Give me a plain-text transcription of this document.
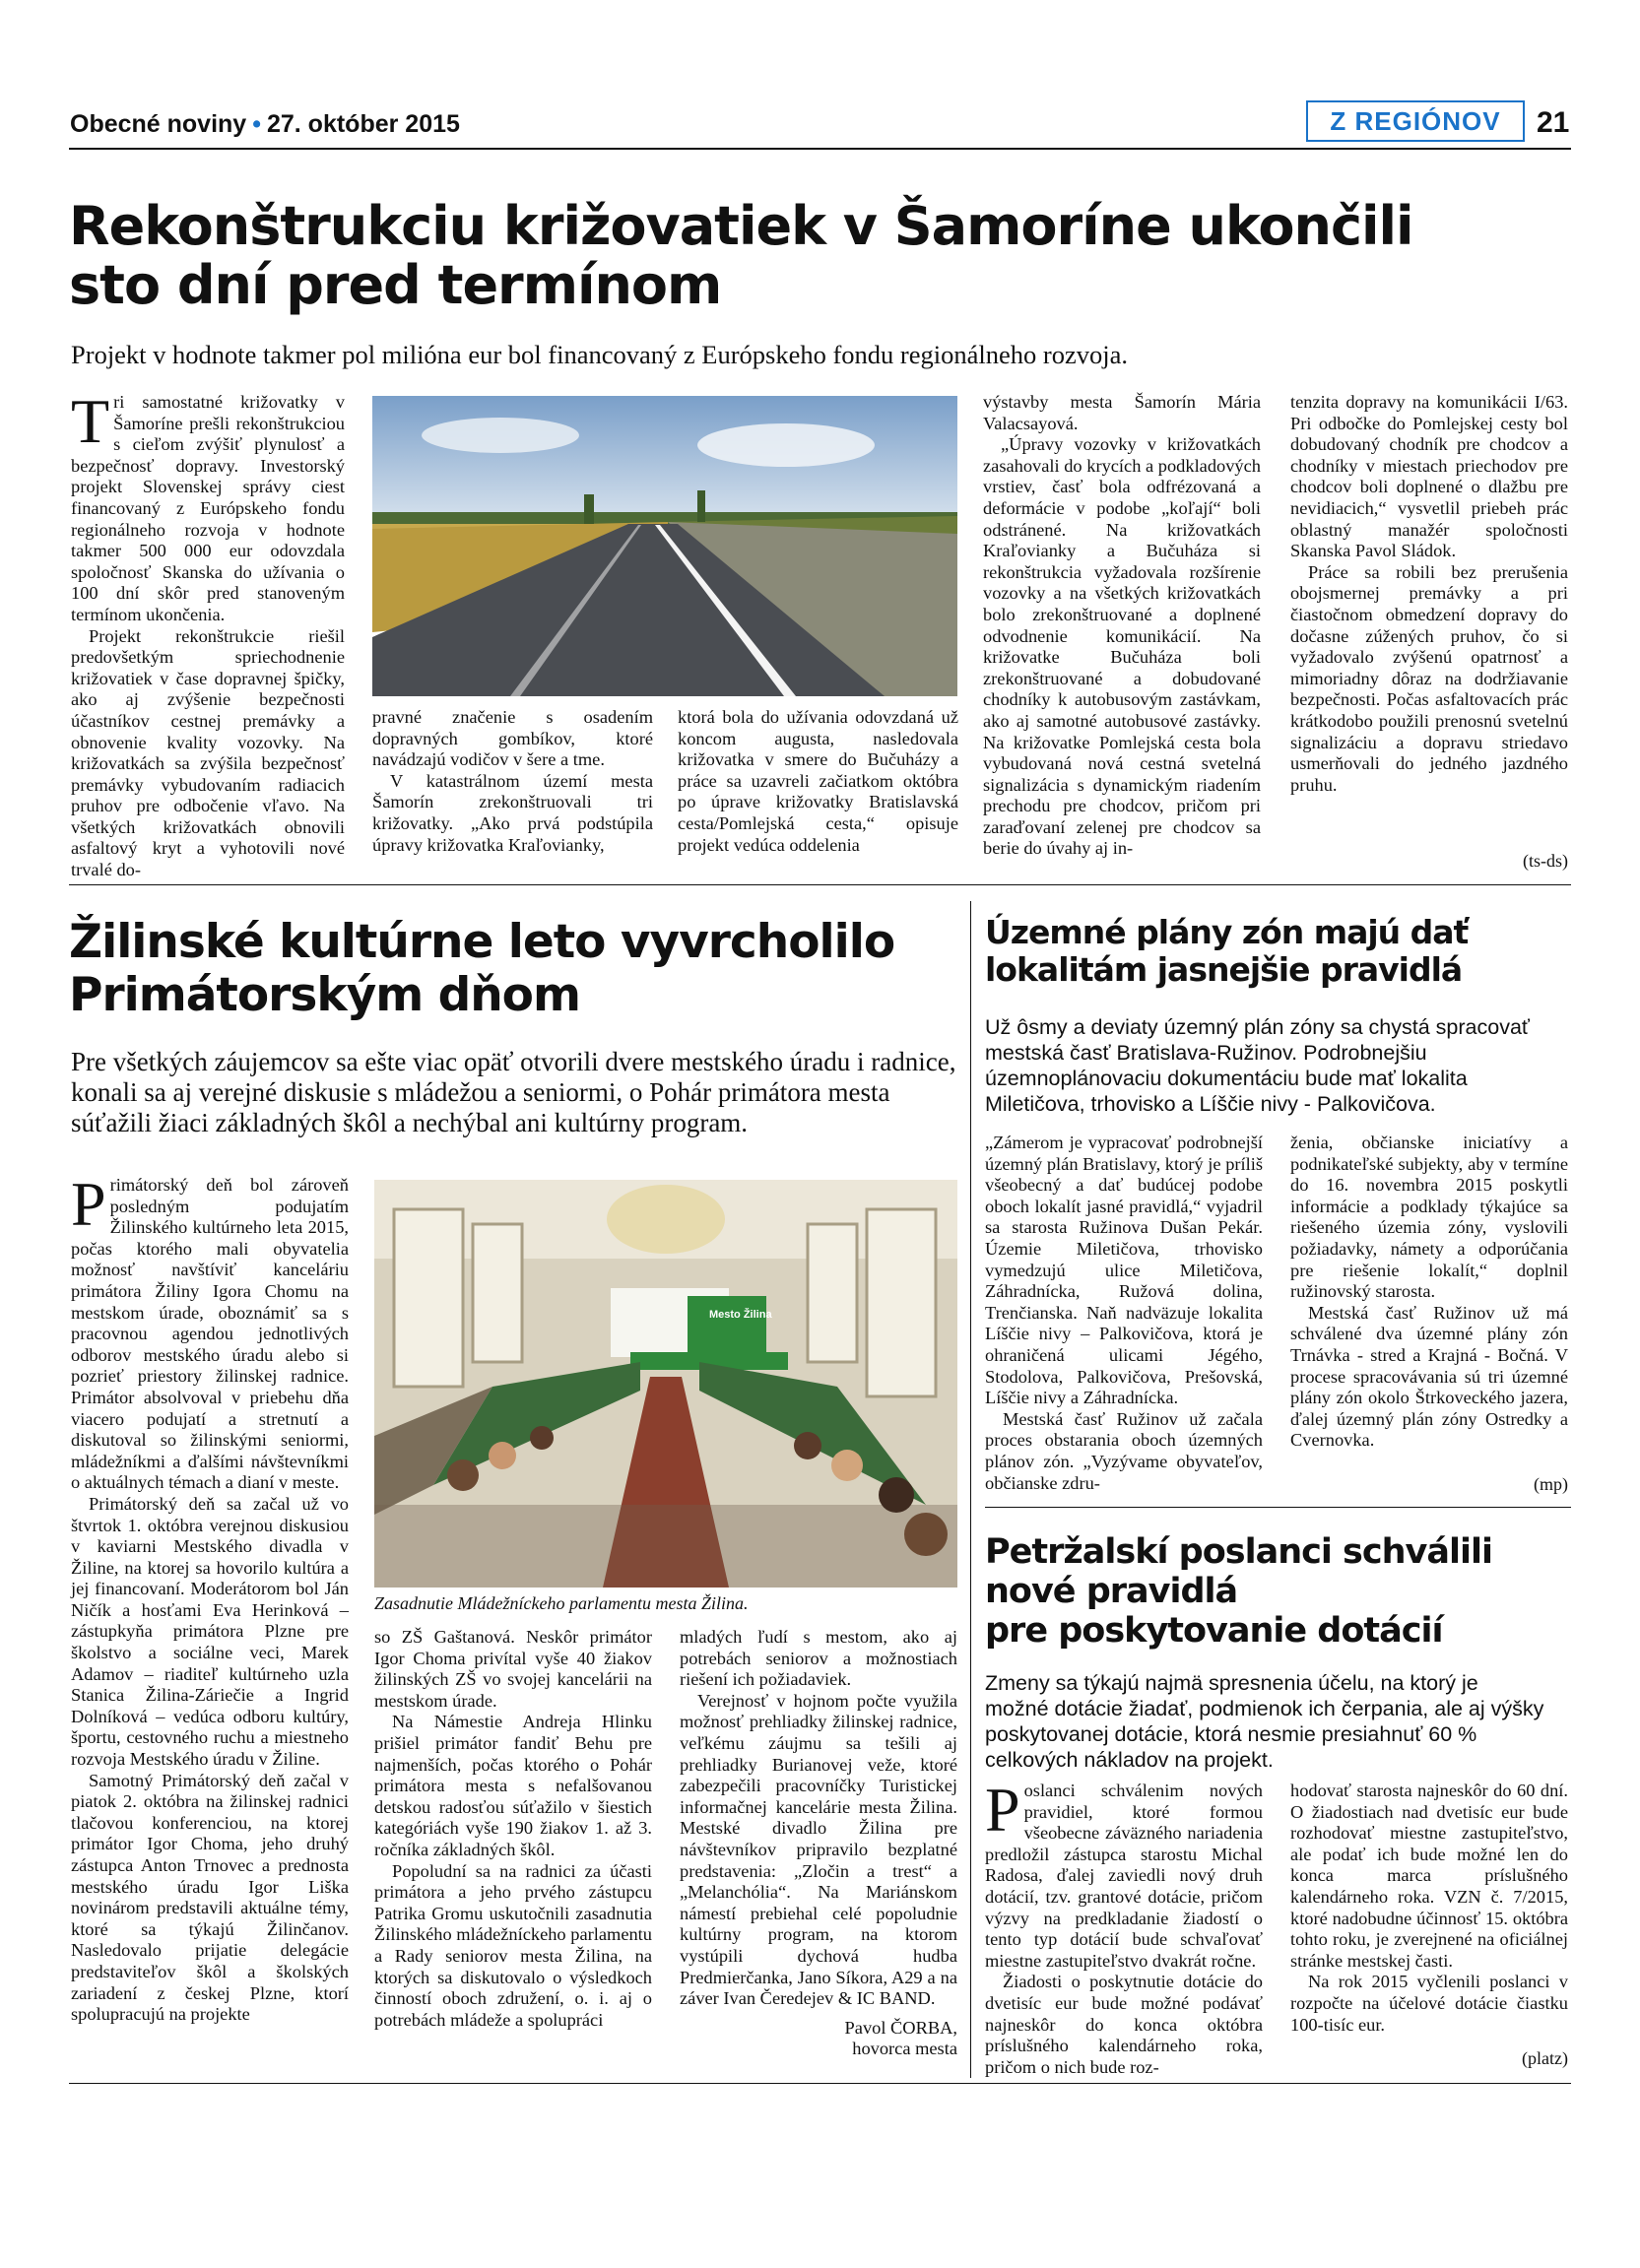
Obecné noviny • 27. október 2015	Z REGIÓNOV	21
Rekonštrukciu križovatiek v Šamoríne ukončili
sto dní pred termínom
Projekt v hodnote takmer pol milióna eur bol financovaný z Európskeho fondu regionálneho rozvoja.

Tri samostatné križovatky v Šamoríne prešli rekonštrukciou s cieľom zvýšiť plynulosť a bezpečnosť dopravy. Investorský projekt Slovenskej správy ciest financovaný z Európskeho fondu regionálneho rozvoja v hodnote takmer 500 000 eur odovzdala spoločnosť Skanska do užívania o 100 dní skôr pred stanoveným termínom ukončenia.

Projekt rekonštrukcie riešil predovšetkým spriechodnenie križovatiek v čase dopravnej špičky, ako aj zvýšenie bezpečnosti účastníkov cestnej premávky a obnovenie kvality vozovky. Na križovatkách sa zvýšila bezpečnosť premávky vybudovaním radiacich pruhov pre odbočenie vľavo. Na všetkých križovatkách obnovili asfaltový kryt a vyhotovili nové trvalé do-

pravné značenie s osadením dopravných gombíkov, ktoré navádzajú vodičov v šere a tme.

V katastrálnom území mesta Šamorín zrekonštruovali tri križovatky. „Ako prvá podstúpila úpravy križovatka Kraľovianky,

ktorá bola do užívania odovzdaná už koncom augusta, nasledovala križovatka v smere do Bučuházy a práce sa uzavreli začiatkom októbra po úprave križovatky Bratislavská cesta/Pomlejská cesta,“ opisuje projekt vedúca oddelenia

výstavby mesta Šamorín Mária Valacsayová.

„Úpravy vozovky v križovatkách zasahovali do krycích a podkladových vrstiev, časť bola odfrézovaná a deformácie v podobe „koľají“ boli odstránené. Na križovatkách Kraľovianky a Bučuháza si rekonštrukcia vyžadovala rozšírenie vozovky a na všetkých križovatkách bolo zrekonštruované a doplnené odvodnenie komunikácií. Na križovatke Bučuháza boli zrekonštruované a dobudované chodníky k autobusovým zastávkam, ako aj samotné autobusové zastávky. Na križovatke Pomlejská cesta bola vybudovaná nová cestná svetelná signalizácia s dynamickým riadením prechodu pre chodcov, pričom pri zaraďovaní zelenej pre chodcov sa berie do úvahy aj in-

tenzita dopravy na komunikácii I/63. Pri odbočke do Pomlejskej cesty bol dobudovaný chodník pre chodcov a chodníky v miestach priechodov pre chodcov boli doplnené o dlažbu pre nevidiacich,“ vysvetlil priebeh prác oblastný manažér spoločnosti Skanska Pavol Sládok.

Práce sa robili bez prerušenia obojsmernej premávky a pri čiastočnom obmedzení dopravy do dočasne zúžených pruhov, čo si vyžadovalo zvýšenú opatrnosť a mimoriadny dôraz na dodržiavanie bezpečnosti. Počas asfaltovacích prác krátkodobo použili prenosnú svetelnú signalizáciu a dopravu striedavo usmerňovali do jedného jazdného pruhu.

(ts-ds)
Žilinské kultúrne leto vyvrcholilo
Primátorským dňom
Pre všetkých záujemcov sa ešte viac opäť otvorili dvere mestského úradu i radnice, konali sa aj verejné diskusie s mládežou a seniormi, o Pohár primátora mesta súťažili žiaci základných škôl a nechýbal ani kultúrny program.

Primátorský deň bol zároveň posledným podujatím Žilinského kultúrneho leta 2015, počas ktorého mali obyvatelia možnosť navštíviť kanceláriu primátora Žiliny Igora Chomu na mestskom úrade, oboznámiť sa s pracovnou agendou jednotlivých odborov mestského úradu alebo si pozrieť priestory žilinskej radnice. Primátor absolvoval v priebehu dňa viacero podujatí a stretnutí a diskutoval so žilinskými seniormi, mládežníkmi a ďalšími návštevníkmi o aktuálnych témach a dianí v meste.

Primátorský deň sa začal už vo štvrtok 1. októbra verejnou diskusiou v kaviarni Mestského divadla v Žiline, na ktorej sa hovorilo kultúra a jej financovaní. Moderátorom bol Ján Ničík a hosťami Eva Herinková – zástupkyňa primátora Plzne pre školstvo a sociálne veci, Marek Adamov – riaditeľ kultúrneho uzla Stanica Žilina-Záriečie a Ingrid Dolníková – vedúca odboru kultúry, športu, cestovného ruchu a miestneho rozvoja Mestského úradu v Žiline.

Samotný Primátorský deň začal v piatok 2. októbra na žilinskej radnici tlačovou konferenciou, na ktorej primátor Igor Choma, jeho druhý zástupca Anton Trnovec a prednosta mestského úradu Igor Liška novinárom predstavili aktuálne témy, ktoré sa týkajú Žilinčanov. Nasledovalo prijatie delegácie predstaviteľov škôl a školských zariadení z českej Plzne, ktorí spolupracujú na projekte

Mesto Žilina
Zasadnutie Mládežníckeho parlamentu mesta Žilina.

so ZŠ Gaštanová. Neskôr primátor Igor Choma privítal vyše 40 žiakov žilinských ZŠ vo svojej kancelárii na mestskom úrade.

Na Námestie Andreja Hlinku prišiel primátor fandiť Behu pre najmenších, počas ktorého o Pohár primátora mesta s nefalšovanou detskou radosťou súťažilo v šiestich kategóriách vyše 190 žiakov 1. až 3. ročníka základných škôl.

Popoludní sa na radnici za účasti primátora a jeho prvého zástupcu Patrika Gromu uskutočnili zasadnutia Žilinského mládežníckeho parlamentu a Rady seniorov mesta Žilina, na ktorých sa diskutovalo o výsledkoch činností oboch združení, o. i. aj o potrebách mládeže a spolupráci

mladých ľudí s mestom, ako aj potrebách seniorov a možnostiach riešení ich požiadaviek.

Verejnosť v hojnom počte využila možnosť prehliadky žilinskej radnice, veľkému záujmu sa tešili aj prehliadky Burianovej veže, ktoré zabezpečili pracovníčky Turistickej informačnej kancelárie mesta Žilina. Mestské divadlo Žilina pre návštevníkov pripravilo bezplatné predstavenia: „Zločin a trest“ a „Melanchólia“. Na Mariánskom námestí prebiehal celé popoludnie kultúrny program, na ktorom vystúpili dychová hudba Predmierčanka, Jano Síkora, A29 a na záver Ivan Čeredejev & IC BAND.

Pavol ČORBA,
hovorca mesta
Územné plány zón majú dať
lokalitám jasnejšie pravidlá
Už ôsmy a deviaty územný plán zóny sa chystá spracovať mestská časť Bratislava-Ružinov. Podrobnejšiu územnoplánovaciu dokumentáciu bude mať lokalita Miletičova, trhovisko a Líščie nivy - Palkovičova.

„Zámerom je vypracovať podrobnejší územný plán Bratislavy, ktorý je príliš všeobecný a dať budúcej podobe oboch lokalít jasné pravidlá,“ vyjadril sa starosta Ružinova Dušan Pekár. Územie Miletičova, trhovisko vymedzujú ulice Miletičova, Záhradnícka, Ružová dolina, Trenčianska. Naň nadväzuje lokalita Líščie nivy – Palkovičova, ktorá je ohraničená ulicami Jégého, Stodolova, Palkovičova, Prešovská, Líščie nivy a Záhradnícka.

Mestská časť Ružinov už začala proces obstarania oboch územných plánov zón. „Vyzývame obyvateľov, občianske zdru-

ženia, občianske iniciatívy a podnikateľské subjekty, aby v termíne do 16. novembra 2015 poskytli informácie a podklady týkajúce sa riešeného územia zóny, vyslovili požiadavky, námety a odporúčania pre riešenie lokalít,“ doplnil ružinovský starosta.

Mestská časť Ružinov už má schválené dva územné plány zón Trnávka - stred a Krajná - Bočná. V procese spracovávania sú tri územné plány zón okolo Štrkoveckého jazera, ďalej územný plán zóny Ostredky a Cvernovka.

(mp)
Petržalskí poslanci schválili
nové pravidlá
pre poskytovanie dotácií
Zmeny sa týkajú najmä spresnenia účelu, na ktorý je možné dotácie žiadať, podmienok ich čerpania, ale aj výšky poskytovanej dotácie, ktorá nesmie presiahnuť 60 % celkových nákladov na projekt.

Poslanci schválenim nových pravidiel, ktoré formou všeobecne záväzného nariadenia predložil zástupca starostu Michal Radosa, ďalej zaviedli nový druh dotácií, tzv. grantové dotácie, pričom výzvy na predkladanie žiadostí o tento typ dotácií bude schvaľovať miestne zastupiteľstvo dvakrát ročne.

Žiadosti o poskytnutie dotácie do dvetisíc eur bude možné podávať najneskôr do konca októbra príslušného kalendárneho roka, pričom o nich bude roz-

hodovať starosta najneskôr do 60 dní. O žiadostiach nad dvetisíc eur bude rozhodovať miestne zastupiteľstvo, ale podať ich bude možné len do konca marca príslušného kalendárneho roka. VZN č. 7/2015, ktoré nadobudne účinnosť 15. októbra tohto roku, je zverejnené na oficiálnej stránke mestskej časti.

Na rok 2015 vyčlenili poslanci v rozpočte na účelové dotácie čiastku 100-tisíc eur.

(platz)
